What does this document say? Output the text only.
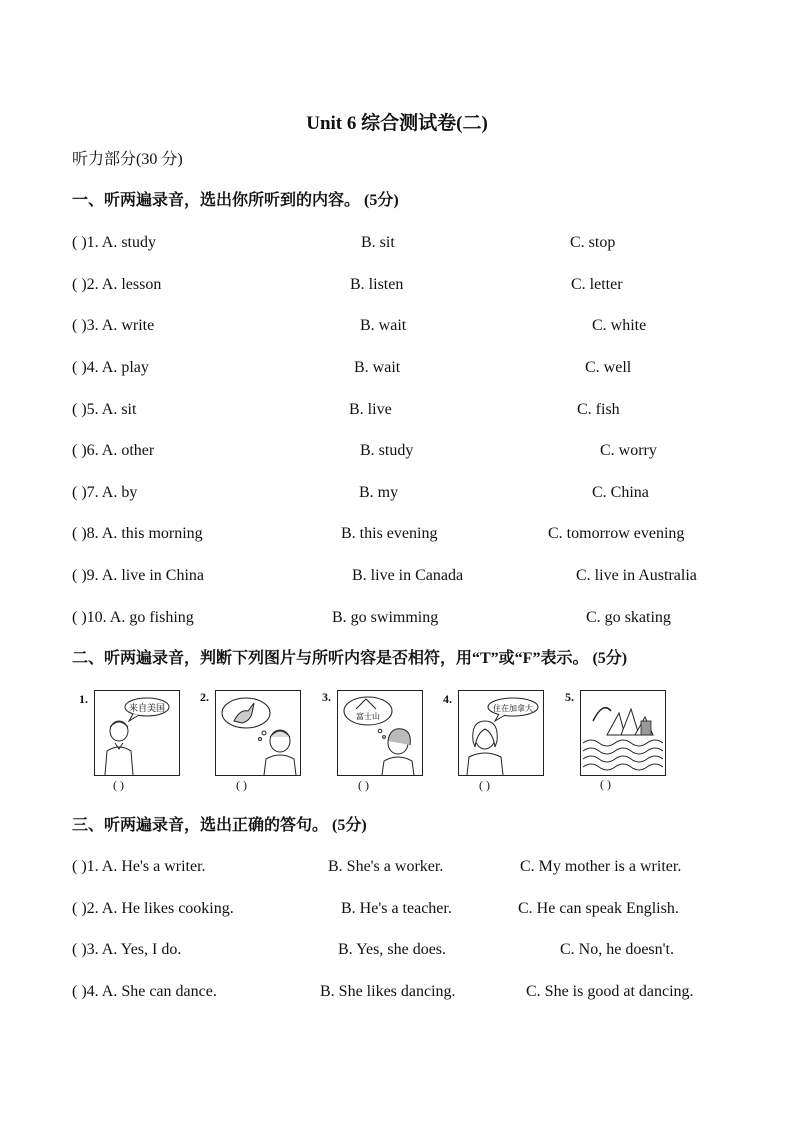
Unit 6 综合测试卷(二)
听力部分(30 分)
一、听两遍录音，选出你所听到的内容。 (5分)
( )1. A. study	B. sit	C. stop
( )2. A. lesson	B. listen	C. letter
( )3. A. write	B. wait	C. white
( )4. A. play	B. wait	C. well
( )5. A. sit	B. live	C. fish
( )6. A. other	B. study	C. worry
( )7. A. by	B. my	C. China
( )8. A. this morning	B. this evening	C. tomorrow evening
( )9. A. live in China	B. live in Canada	C. live in Australia
( )10. A. go fishing	B. go swimming	C. go skating
二、听两遍录音，判断下列图片与所听内容是否相符，用“T”或“F”表示。 (5分)
1.
来自美国
( )
2.
( )
3.
富士山
( )
4.
住在加拿大
( )
5.
( )
三、听两遍录音，选出正确的答句。 (5分)
( )1. A. He's a writer.	B. She's a worker.	C. My mother is a writer.
( )2. A. He likes cooking.	B. He's a teacher.	C. He can speak English.
( )3. A. Yes, I do.	B. Yes, she does.	C. No, he doesn't.
( )4. A. She can dance.	B. She likes dancing.	C. She is good at dancing.
